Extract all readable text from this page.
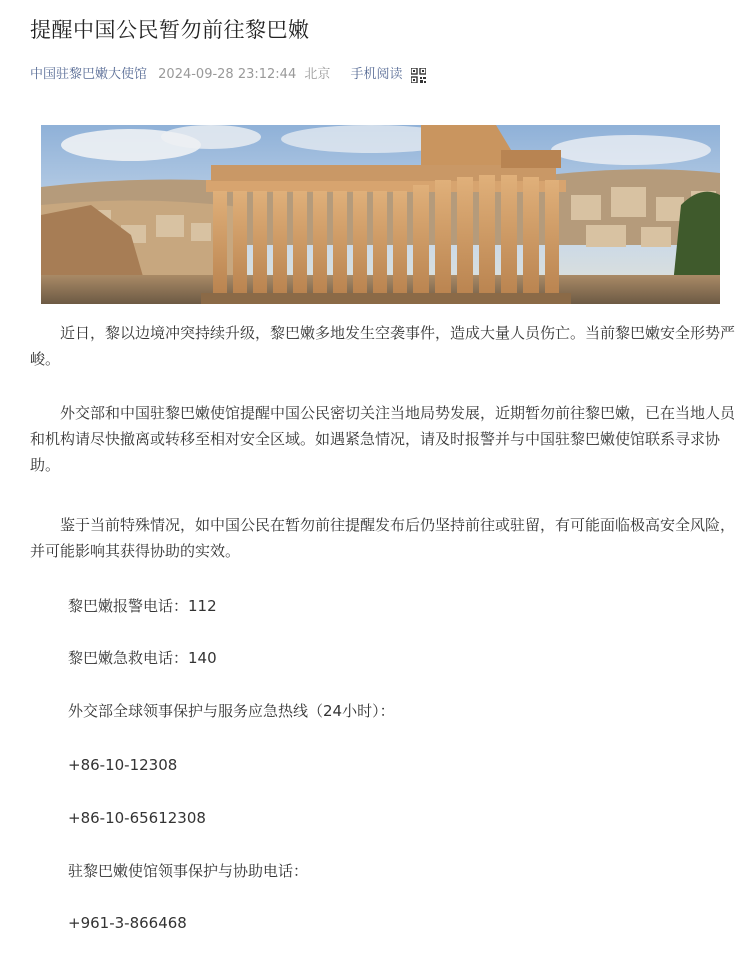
提醒中国公民暂勿前往黎巴嫩
中国驻黎巴嫩大使馆 2024-09-28 23:12:44 北京 手机阅读

近日，黎以边境冲突持续升级，黎巴嫩多地发生空袭事件，造成大量人员伤亡。当前黎巴嫩安全形势严峻。

外交部和中国驻黎巴嫩使馆提醒中国公民密切关注当地局势发展，近期暂勿前往黎巴嫩，已在当地人员和机构请尽快撤离或转移至相对安全区域。如遇紧急情况，请及时报警并与中国驻黎巴嫩使馆联系寻求协助。

鉴于当前特殊情况，如中国公民在暂勿前往提醒发布后仍坚持前往或驻留，有可能面临极高安全风险，并可能影响其获得协助的实效。

黎巴嫩报警电话：112
黎巴嫩急救电话：140
外交部全球领事保护与服务应急热线（24小时）：
+86-10-12308
+86-10-65612308
驻黎巴嫩使馆领事保护与协助电话：
+961-3-866468
